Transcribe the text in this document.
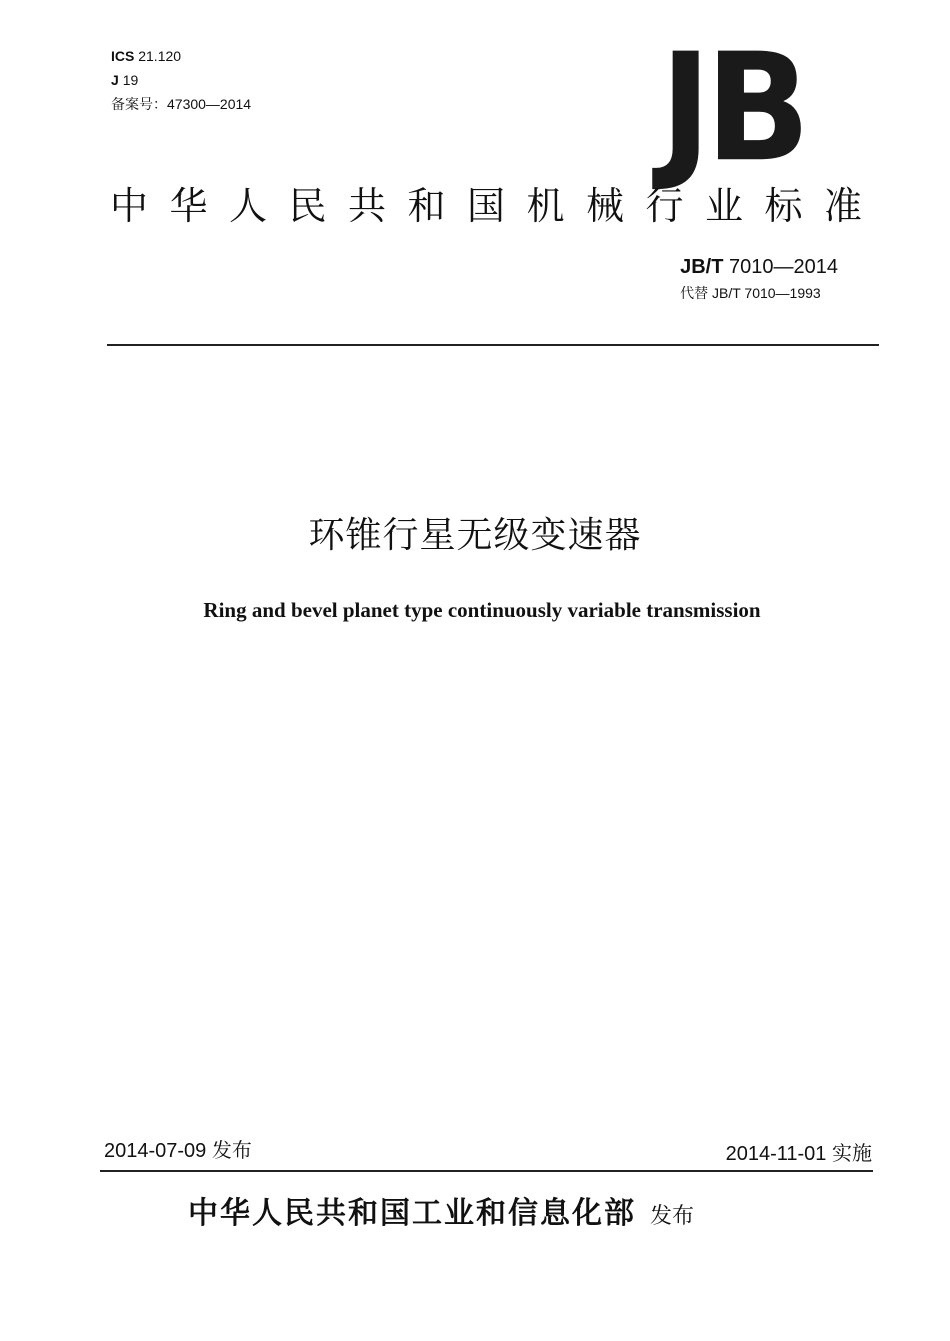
ICS 21.120
J 19
备案号：47300—2014	JB
中华人民共和国机械行业标准
JB/T 7010—2014
代替 JB/T 7010—1993
环锥行星无级变速器
Ring and bevel planet type continuously variable transmission
2014-07-09 发布	2014-11-01 实施
中华人民共和国工业和信息化部 发布
